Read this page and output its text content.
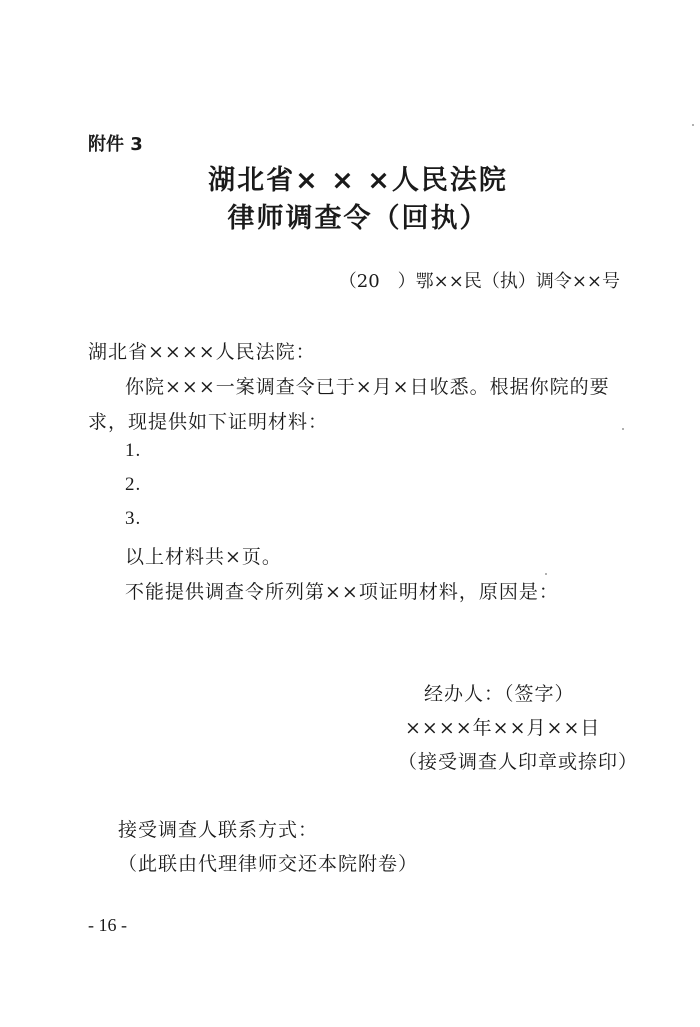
附件 3
湖北省× × ×人民法院
律师调查令（回执）
（20　）鄂××民（执）调令××号
湖北省××××人民法院：
你院×××一案调查令已于×月×日收悉。根据你院的要
求，现提供如下证明材料：
1.
2.
3.
以上材料共×页。
不能提供调查令所列第××项证明材料，原因是：
经办人：（签字）
××××年××月××日
（接受调查人印章或捺印）
接受调查人联系方式：
（此联由代理律师交还本院附卷）
- 16 -
